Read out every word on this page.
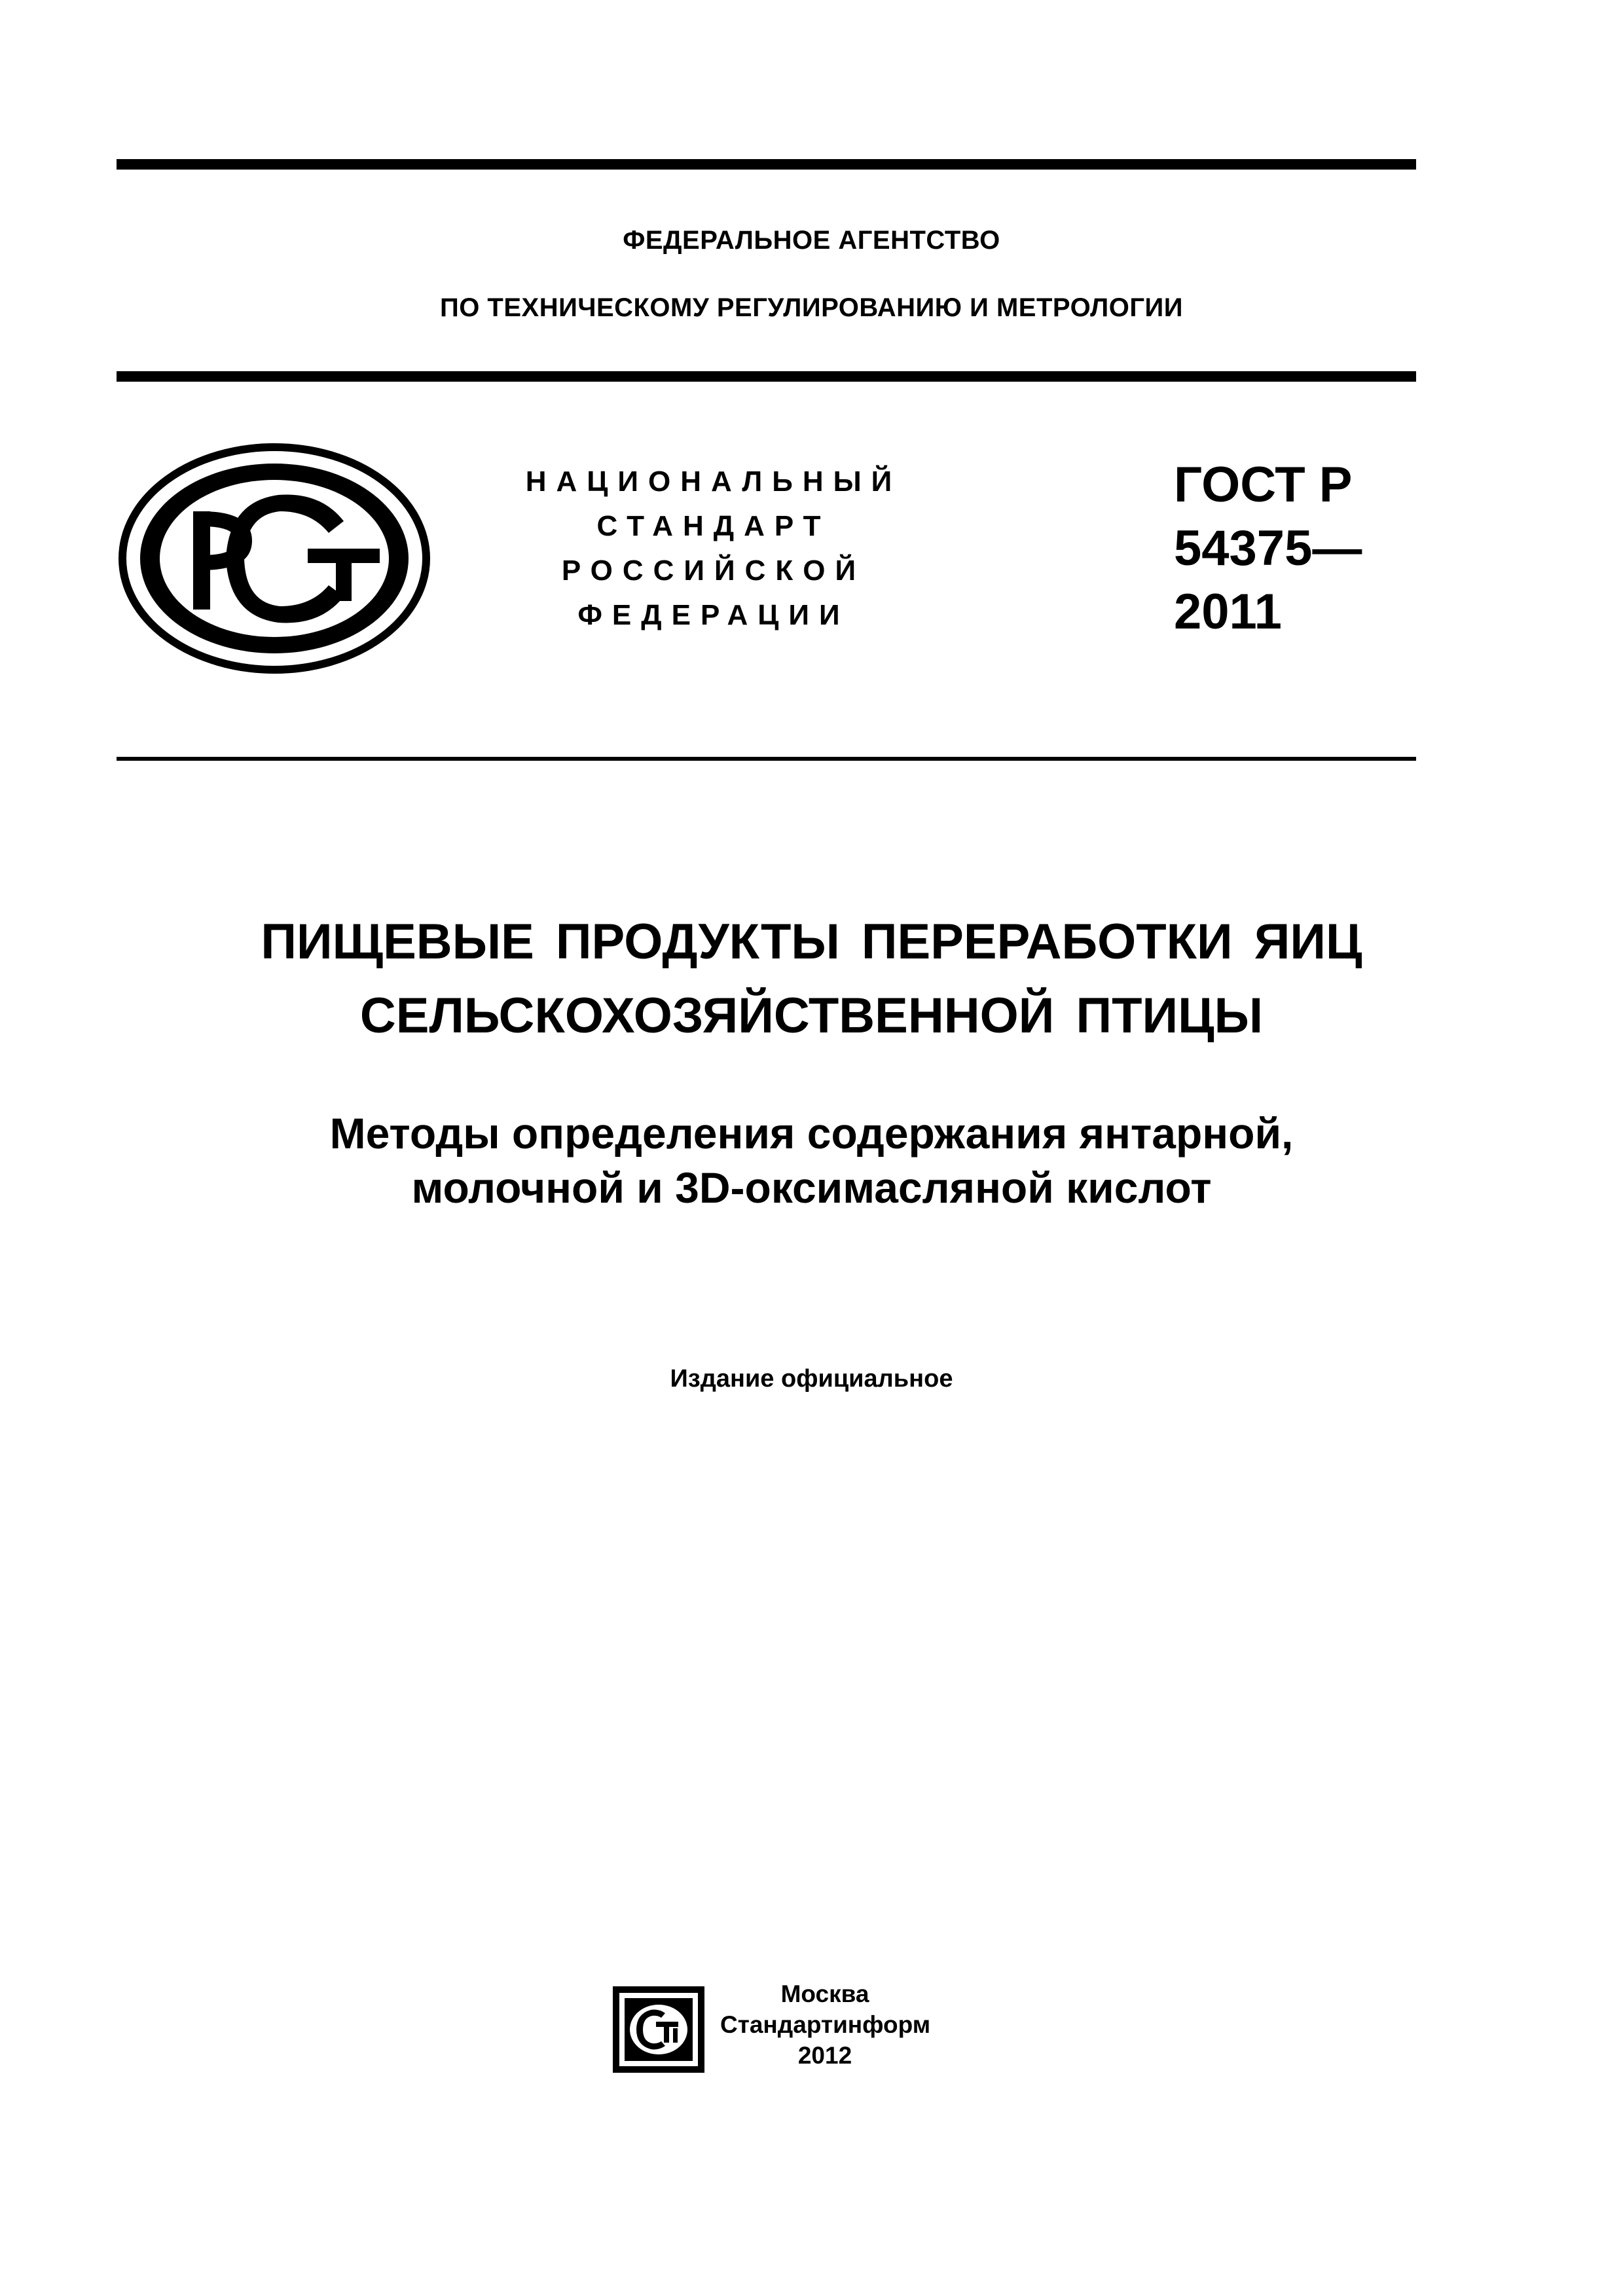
ФЕДЕРАЛЬНОЕ АГЕНТСТВО
ПО ТЕХНИЧЕСКОМУ РЕГУЛИРОВАНИЮ И МЕТРОЛОГИИ
НАЦИОНАЛЬНЫЙ
СТАНДАРТ
РОССИЙСКОЙ
ФЕДЕРАЦИИ
ГОСТ Р
54375—
2011
ПИЩЕВЫЕ ПРОДУКТЫ ПЕРЕРАБОТКИ ЯИЦ
СЕЛЬСКОХОЗЯЙСТВЕННОЙ ПТИЦЫ
Методы определения содержания янтарной,
молочной и 3D-оксимасляной кислот
Издание официальное
Москва
Стандартинформ
2012
